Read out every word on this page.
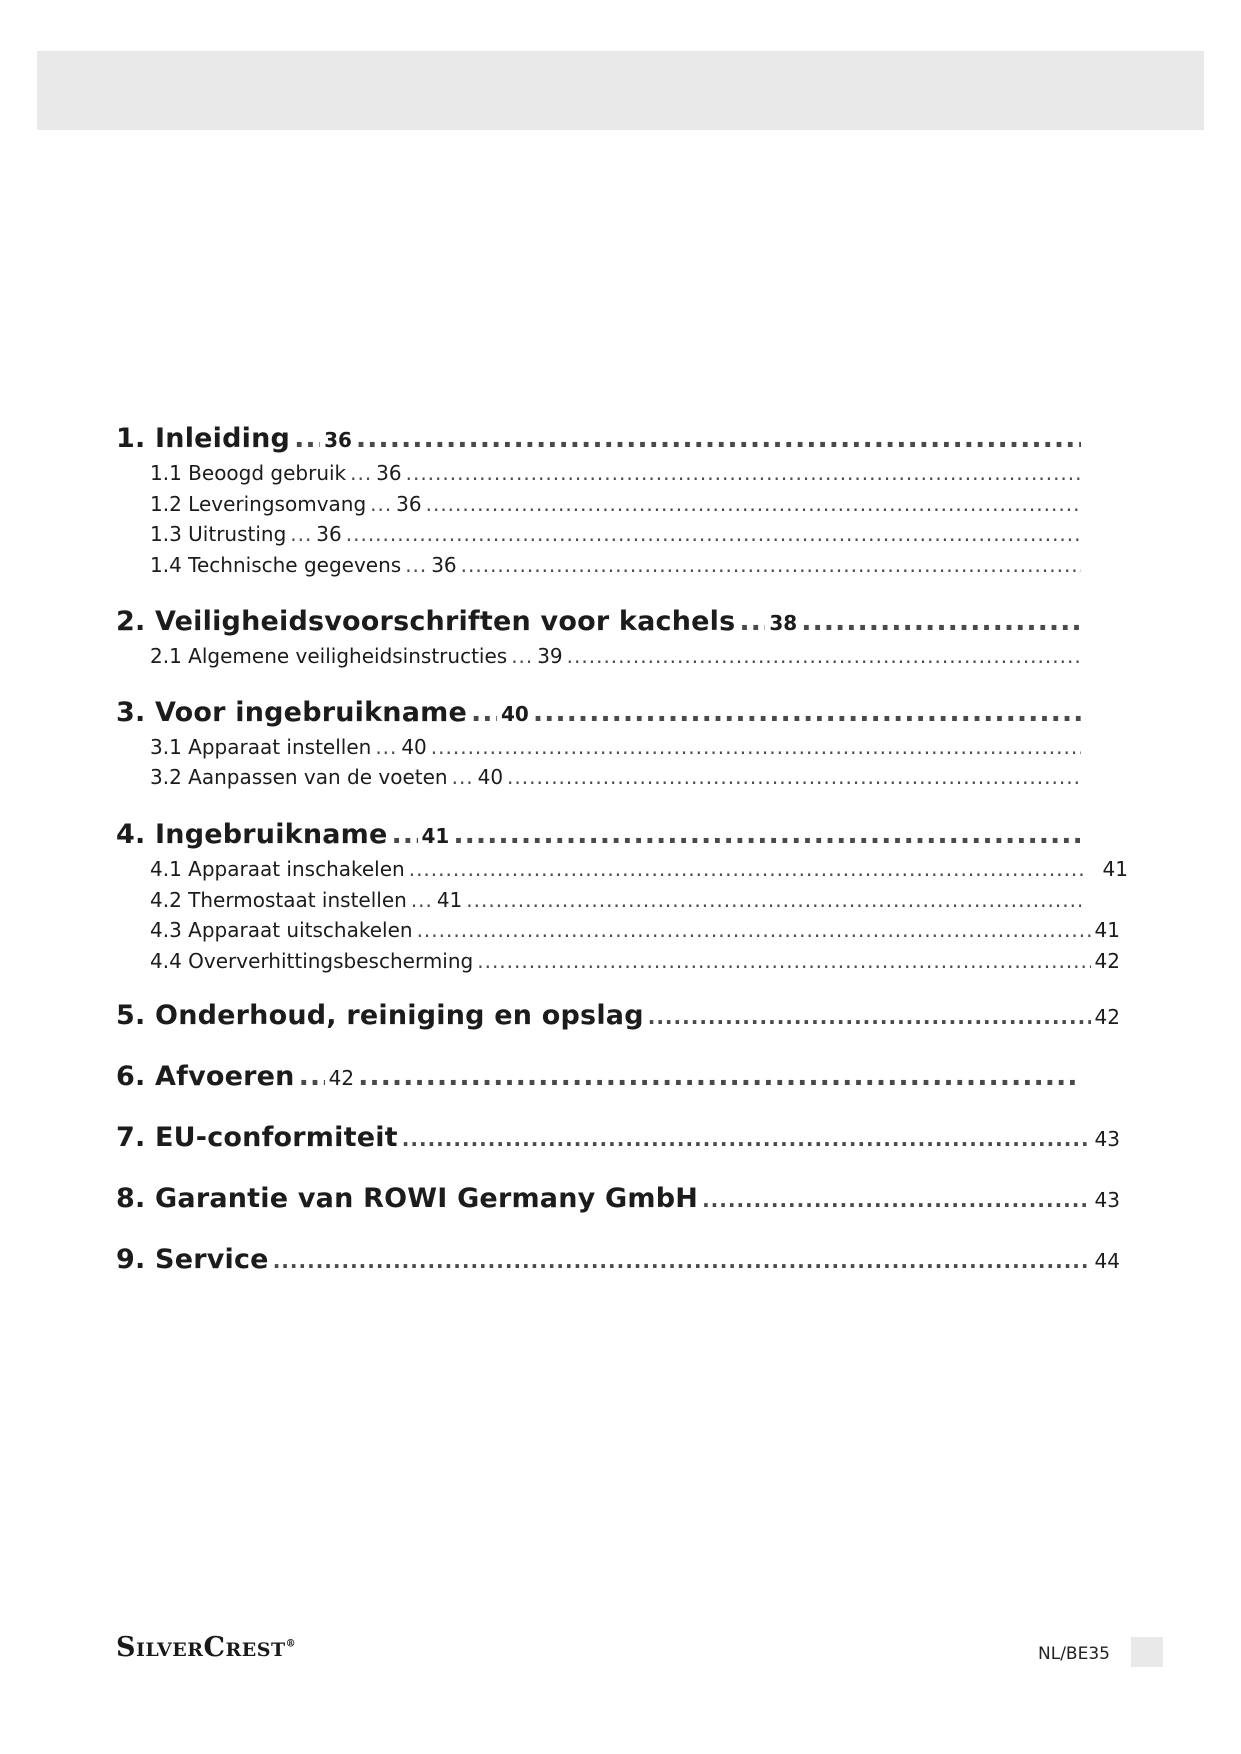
1. Inleiding ..... 36
.....
1.1 Beoogd gebruik ..... 36
.....
1.2 Leveringsomvang ..... 36
.....
1.3 Uitrusting ..... 36
.....
1.4 Technische gegevens ..... 36
.....
2. Veiligheidsvoorschriften voor kachels ..... 38
.....
2.1 Algemene veiligheidsinstructies ..... 39
.....
3. Voor ingebruikname ..... 40
.....
3.1 Apparaat instellen ..... 40
.....
3.2 Aanpassen van de voeten ..... 40
.....
4. Ingebruikname ..... 41
.....
4.1 Apparaat inschakelen .....	41
4.2 Thermostaat instellen ..... 41
.....
4.3 Apparaat uitschakelen .....	41
4.4 Oververhittingsbescherming .....	42
5. Onderhoud, reiniging en opslag .....	42
6. Afvoeren ..... 42
.....
7. EU-conformiteit .....	43
8. Garantie van ROWI Germany GmbH .....	43
9. Service .....	44
SilverCrest®	NL/BE35
